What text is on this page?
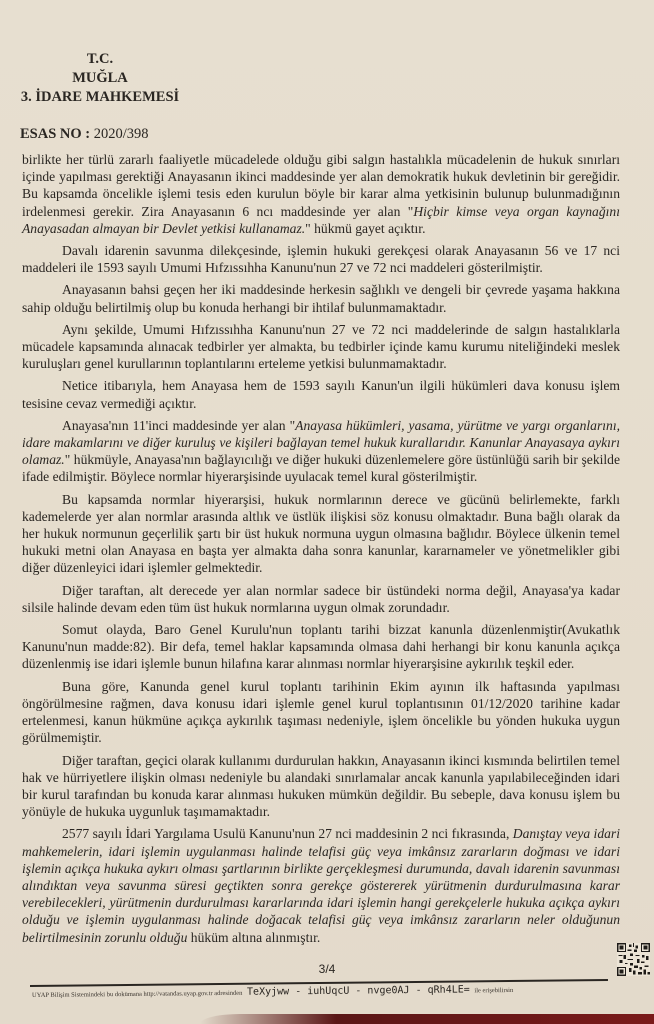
T.C.
MUĞLA
3. İDARE MAHKEMESİ
ESAS NO : 2020/398

birlikte her türlü zararlı faaliyetle mücadelede olduğu gibi salgın hastalıkla mücadelenin de hukuk sınırları içinde yapılması gerektiği Anayasanın ikinci maddesinde yer alan demokratik hukuk devletinin bir gereğidir. Bu kapsamda öncelikle işlemi tesis eden kurulun böyle bir karar alma yetkisinin bulunup bulunmadığının irdelenmesi gerekir. Zira Anayasanın 6 ncı maddesinde yer alan "Hiçbir kimse veya organ kaynağını Anayasadan almayan bir Devlet yetkisi kullanamaz." hükmü gayet açıktır.

Davalı idarenin savunma dilekçesinde, işlemin hukuki gerekçesi olarak Anayasanın 56 ve 17 nci maddeleri ile 1593 sayılı Umumi Hıfzıssıhha Kanunu'nun 27 ve 72 nci maddeleri gösterilmiştir.

Anayasanın bahsi geçen her iki maddesinde herkesin sağlıklı ve dengeli bir çevrede yaşama hakkına sahip olduğu belirtilmiş olup bu konuda herhangi bir ihtilaf bulunmamaktadır.

Aynı şekilde, Umumi Hıfzıssıhha Kanunu'nun 27 ve 72 nci maddelerinde de salgın hastalıklarla mücadele kapsamında alınacak tedbirler yer almakta, bu tedbirler içinde kamu kurumu niteliğindeki meslek kuruluşları genel kurullarının toplantılarını erteleme yetkisi bulunmamaktadır.

Netice itibarıyla, hem Anayasa hem de 1593 sayılı Kanun'un ilgili hükümleri dava konusu işlem tesisine cevaz vermediği açıktır.

Anayasa'nın 11'inci maddesinde yer alan "Anayasa hükümleri, yasama, yürütme ve yargı organlarını, idare makamlarını ve diğer kuruluş ve kişileri bağlayan temel hukuk kurallarıdır. Kanunlar Anayasaya aykırı olamaz." hükmüyle, Anayasa'nın bağlayıcılığı ve diğer hukuki düzenlemelere göre üstünlüğü sarih bir şekilde ifade edilmiştir. Böylece normlar hiyerarşisinde uyulacak temel kural gösterilmiştir.

Bu kapsamda normlar hiyerarşisi, hukuk normlarının derece ve gücünü belirlemekte, farklı kademelerde yer alan normlar arasında altlık ve üstlük ilişkisi söz konusu olmaktadır. Buna bağlı olarak da her hukuk normunun geçerlilik şartı bir üst hukuk normuna uygun olmasına bağlıdır. Böylece ülkenin temel hukuki metni olan Anayasa en başta yer almakta daha sonra kanunlar, kararnameler ve yönetmelikler gibi diğer düzenleyici idari işlemler gelmektedir.

Diğer taraftan, alt derecede yer alan normlar sadece bir üstündeki norma değil, Anayasa'ya kadar silsile halinde devam eden tüm üst hukuk normlarına uygun olmak zorundadır.

Somut olayda, Baro Genel Kurulu'nun toplantı tarihi bizzat kanunla düzenlenmiştir(Avukatlık Kanunu'nun madde:82). Bir defa, temel haklar kapsamında olmasa dahi herhangi bir konu kanunla açıkça düzenlenmiş ise idari işlemle bunun hilafına karar alınması normlar hiyerarşisine aykırılık teşkil eder.

Buna göre, Kanunda genel kurul toplantı tarihinin Ekim ayının ilk haftasında yapılması öngörülmesine rağmen, dava konusu idari işlemle genel kurul toplantısının 01/12/2020 tarihine kadar ertelenmesi, kanun hükmüne açıkça aykırılık taşıması nedeniyle, işlem öncelikle bu yönden hukuka uygun görülmemiştir.

Diğer taraftan, geçici olarak kullanımı durdurulan hakkın, Anayasanın ikinci kısmında belirtilen temel hak ve hürriyetlere ilişkin olması nedeniyle bu alandaki sınırlamalar ancak kanunla yapılabileceğinden idari bir kurul tarafından bu konuda karar alınması hukuken mümkün değildir. Bu sebeple, dava konusu işlem bu yönüyle de hukuka uygunluk taşımamaktadır.

2577 sayılı İdari Yargılama Usulü Kanunu'nun 27 nci maddesinin 2 nci fıkrasında, Danıştay veya idari mahkemelerin, idari işlemin uygulanması halinde telafisi güç veya imkânsız zararların doğması ve idari işlemin açıkça hukuka aykırı olması şartlarının birlikte gerçekleşmesi durumunda, davalı idarenin savunması alındıktan veya savunma süresi geçtikten sonra gerekçe göstererek yürütmenin durdurulmasına karar verebilecekleri, yürütmenin durdurulması kararlarında idari işlemin hangi gerekçelerle hukuka açıkça aykırı olduğu ve işlemin uygulanması halinde doğacak telafisi güç veya imkânsız zararların neler olduğunun belirtilmesinin zorunlu olduğu hüküm altına alınmıştır.

3/4
UYAP Bilişim Sistemindeki bu dokümana http://vatandas.uyap.gov.tr adresinden TeXyjww - iuhUqcU - nvge0AJ - qRh4LE= ile erişebilirsin
